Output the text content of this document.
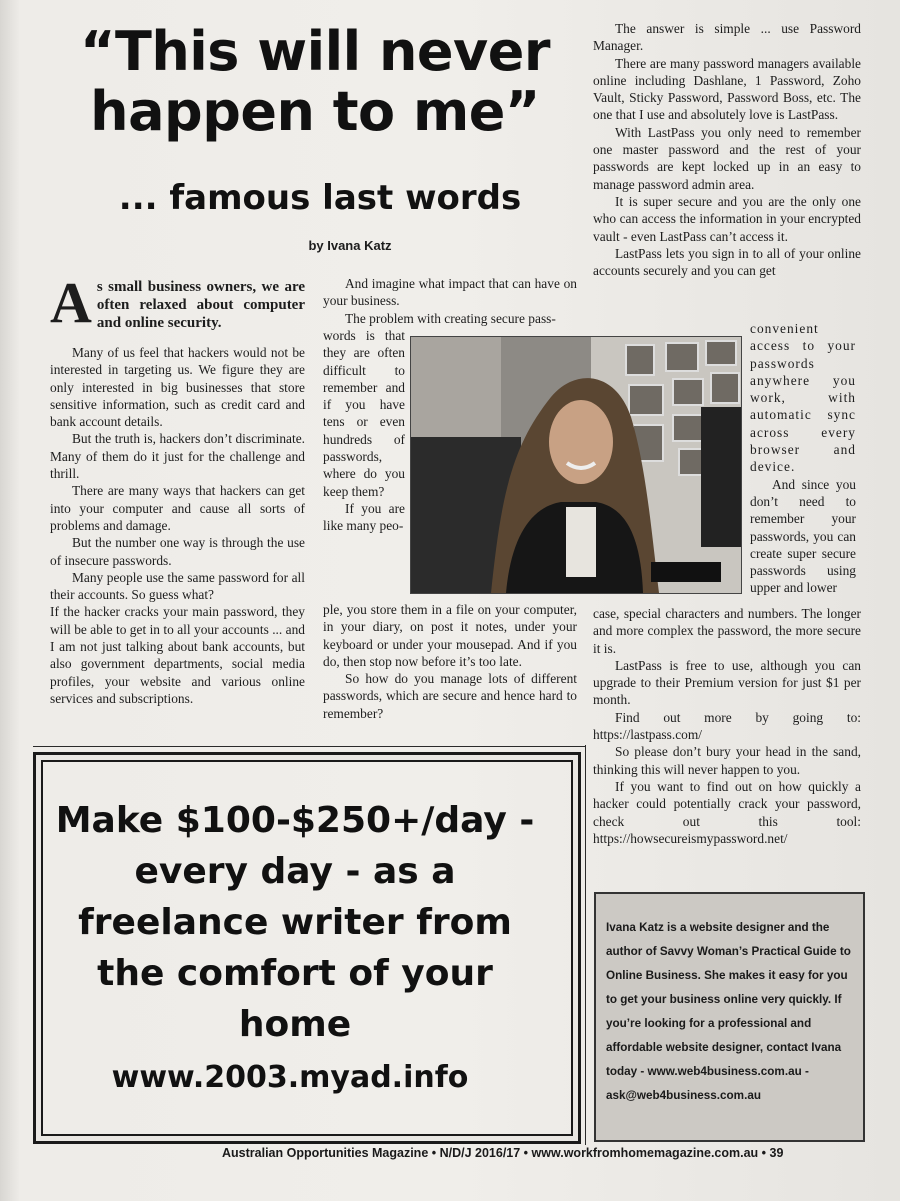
“This will never happen to me”
... famous last words
by Ivana Katz

As small business owners, we are often relaxed about computer and online security.

Many of us feel that hackers would not be interested in targeting us. We figure they are only interested in big businesses that store sensitive information, such as credit card and bank account details.

But the truth is, hackers don’t discriminate. Many of them do it just for the challenge and thrill.

There are many ways that hackers can get into your computer and cause all sorts of problems and damage.

But the number one way is through the use of insecure passwords.

Many people use the same password for all their accounts. So guess what?

If the hacker cracks your main password, they will be able to get in to all your accounts ... and I am not just talking about bank accounts, but also government departments, social media profiles, your website and various online services and subscriptions.

And imagine what impact that can have on your business.

The problem with creating secure pass-

words is that they are often difficult to remember and if you have tens or even hundreds of passwords, where do you keep them?

If you are like many peo-

ple, you store them in a file on your computer, in your diary, on post it notes, under your keyboard or under your mousepad. And if you do, then stop now before it’s too late.

So how do you manage lots of different passwords, which are secure and hence hard to remember?

The answer is simple ... use Password Manager.

There are many password managers available online including Dashlane, 1 Password, Zoho Vault, Sticky Password, Password Boss, etc. The one that I use and absolutely love is LastPass.

With LastPass you only need to remember one master password and the rest of your passwords are kept locked up in an easy to manage password admin area.

It is super secure and you are the only one who can access the information in your encrypted vault - even LastPass can’t access it.

LastPass lets you sign in to all of your online accounts securely and you can get

convenient access to your passwords anywhere you work, with automatic sync across every browser and device.

And since you don’t need to remember your passwords, you can create super secure passwords using upper and lower

case, special characters and numbers. The longer and more complex the password, the more secure it is.

LastPass is free to use, although you can upgrade to their Premium version for just $1 per month.

Find out more by going to: https://lastpass.com/

So please don’t bury your head in the sand, thinking this will never happen to you.

If you want to find out on how quickly a hacker could potentially crack your password, check out this tool: https://howsecureismypassword.net/

Make $100-$250+/day - every day - as a freelance writer from the comfort of your home
www.2003.myad.info
Ivana Katz is a website designer and the author of Savvy Woman’s Practical Guide to Online Business. She makes it easy for you to get your business online very quickly. If you’re looking for a professional and affordable website designer, contact Ivana today - www.web4business.com.au - ask@web4business.com.au
Australian Opportunities Magazine • N/D/J 2016/17 • www.workfromhomemagazine.com.au • 39
